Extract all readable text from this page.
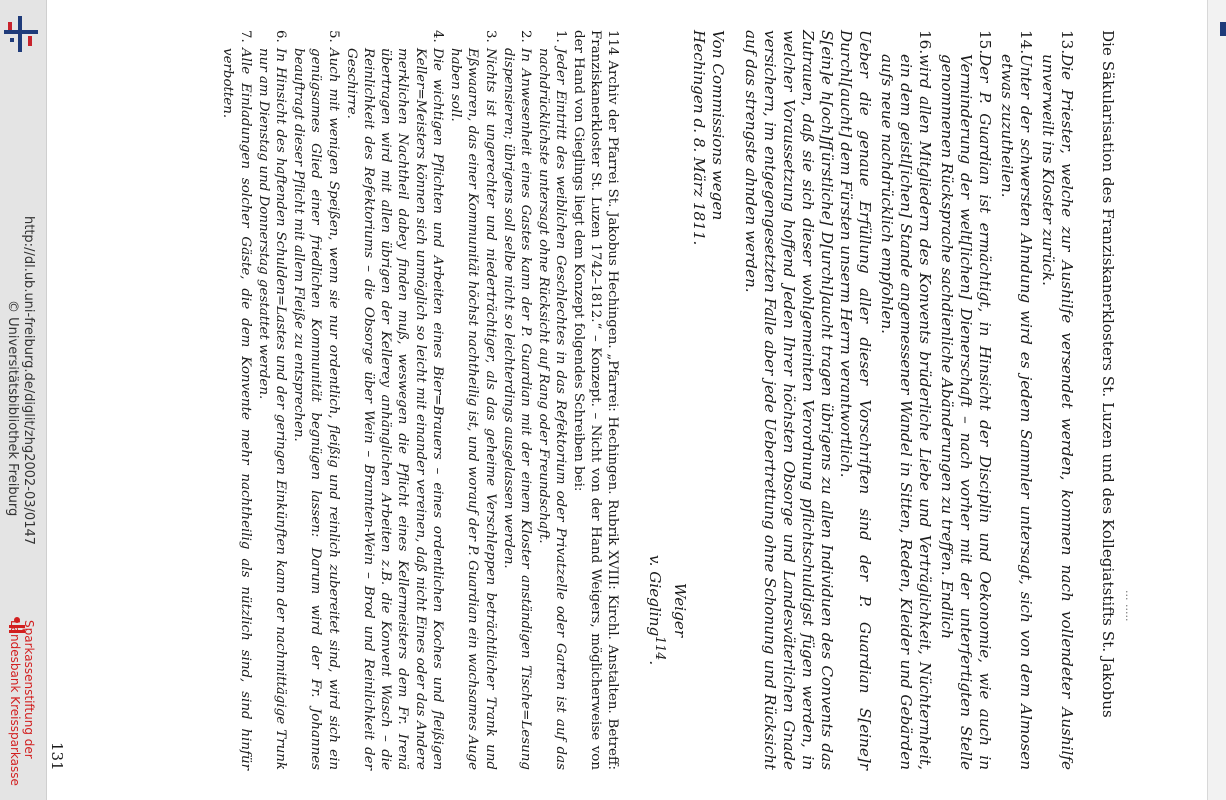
http://dl.ub.uni-freiburg.de/diglit/zhg2002-03/0147
© Universitätsbibliothek Freiburg
Sparkassenstiftung der
Landesbank Kreissparkasse
... .....
Die Säkularisation des Franziskanerklosters St. Luzen und des Kollegiatstifts St. Jakobus
13.
Die Priester, welche zur Aushilfe versendet werden, kommen nach vollendeter Aushilfe unverweilt ins Kloster zurück.
14.
Unter der schwersten Ahndung wird es jedem Sammler untersagt, sich von dem Almosen etwas zuzutheilen.
15.
Der P. Guardian ist ermächtigt, in Hinsicht der Disciplin und Oekonomie, wie auch in Verminderung der welt[lichen] Dienerschaft – nach vorher mit der unterfertigten Stelle genommenen Rücksprache sachdienliche Abänderungen zu treffen. Endlich
16.
wird allen Mitgliedern des Konvents brüderliche Liebe und Verträglichkeit, Nüchternheit, ein dem geistl[ichen] Stande angemessener Wandel in Sitten, Reden, Kleider und Gebärden aufs neue nachdrücklich empfohlen.

Ueber die genaue Erfüllung aller dieser Vorschriften sind der P. Guardian S[eine]r Durchl[aucht] dem Fürsten unserm Herrn verantwortlich.

S[ein]e h[och]f[ürstliche] D[urchl]aucht tragen übrigens zu allen Individuen des Convents das Zutrauen, daß sie sich dieser wohlgemeinten Verordnung pflichtschuldigst fügen werden, in welcher Voraussetzung hoffend Jeden Ihrer höchsten Obsorge und Landesväterlichen Gnade versichern, im entgegengesetzten Falle aber jede Uebertrettung ohne Schonung und Rücksicht auf das strengste ahnden werden.

Von Commissions wegen
Hechingen d. 8. März 1811.
Weiger
v. Giegling$^{114}$.
114 Archiv der Pfarrei St. Jakobus Hechingen. „Pfarrei: Hechingen. Rubrik XVIII: Kirchl. Anstalten. Betreff: Franziskanerkloster St. Luzen 1742–1812.“ – Konzept. – Nicht von der Hand Weigers, möglicherweise von der Hand von Gieglings liegt dem Konzept folgendes Schreiben bei:
1.
Jeder Eintritt des weiblichen Geschlechtes in das Refektorium oder Privatzelle oder Garten ist auf das nachdrücklichste untersagt ohne Rücksicht auf Rang oder Freundschaft.
2.
In Anwesenheit eines Gastes kann der P. Guardian mit der einem Kloster anständigen Tische=Lesung dispensieren; übrigens soll selbe nicht so leichterdings ausgelassen werden.
3.
Nichts ist ungerechter und niederträchtiger, als das geheime Verschleppen beträchtlicher Trank und Eßwaaren, das einer Kommunität höchst nachtheilig ist, und worauf der P. Guardian ein wachsames Auge haben soll.
4.
Die wichtigen Pflichten und Arbeiten eines Bier=Brauers – eines ordentlichen Koches und fleißigen Keller=Meisters können sich unmöglich so leicht mit einander vereinen, daß nicht Eines oder das Andere merklichen Nachtheil dabey finden muß, weswegen die Pflicht eines Kellermeisters dem Fr. Irenä übertragen wird mit allen übrigen der Kellerey anhänglichen Arbeiten z.B. die Konvent Wasch – die Reinlichkeit des Refektoriums – die Obsorge über Wein – Brannten-Wein – Brod und Reinlichkeit der Geschirre.
5.
Auch mit wenigen Speißen, wenn sie nur ordentlich, fleißig und reinlich zubereitet sind, wird sich ein genügsames Glied einer friedlichen Kommunität begnügen lassen: Darum wird der Fr. Johannes beauftragt dieser Pflicht mit allem Fleiße zu entsprechen.
6.
In Hinsicht des haftenden Schulden=Lastes und der geringen Einkünften kann der nachmittägige Trunk nur am Dienstag und Donnerstag gestattet werden.
7.
Alle Einladungen solcher Gäste, die dem Konvente mehr nachtheilig als nützlich sind, sind hinfür verbotten.
131
